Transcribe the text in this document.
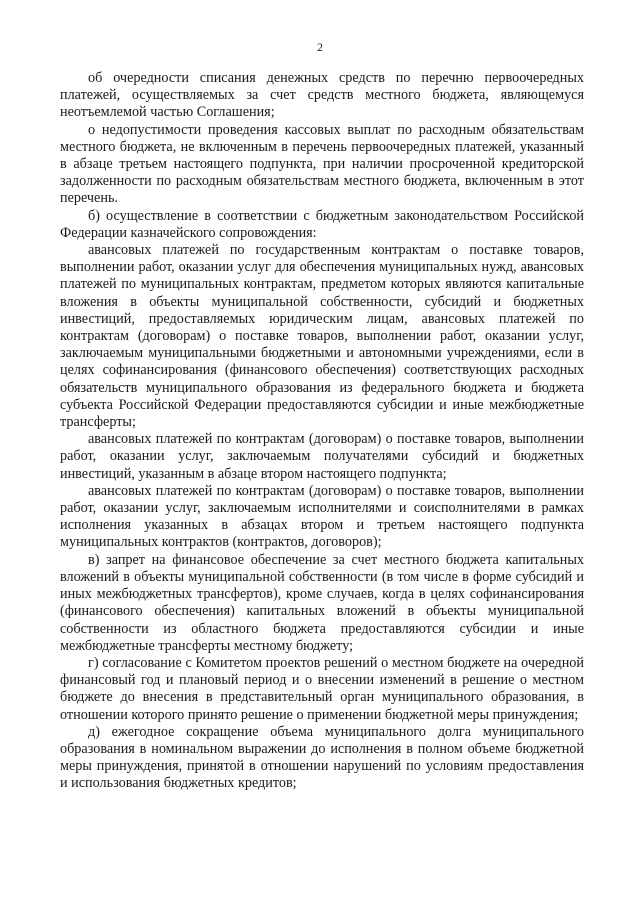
2

об очередности списания денежных средств по перечню первоочередных платежей, осуществляемых за счет средств местного бюджета, являющемуся неотъемлемой частью Соглашения;

о недопустимости проведения кассовых выплат по расходным обязательствам местного бюджета, не включенным в перечень первоочередных платежей, указанный в абзаце третьем настоящего подпункта, при наличии просроченной кредиторской задолженности по расходным обязательствам местного бюджета, включенным в этот перечень.

б) осуществление в соответствии с бюджетным законодательством Российской Федерации казначейского сопровождения:

авансовых платежей по государственным контрактам о поставке товаров, выполнении работ, оказании услуг для обеспечения муниципальных нужд, авансовых платежей по муниципальных контрактам, предметом которых являются капитальные вложения в объекты муниципальной собственности, субсидий и бюджетных инвестиций, предоставляемых юридическим лицам, авансовых платежей по контрактам (договорам) о поставке товаров, выполнении работ, оказании услуг, заключаемым муниципальными бюджетными и автономными учреждениями, если в целях софинансирования (финансового обеспечения) соответствующих расходных обязательств муниципального образования из федерального бюджета и бюджета субъекта Российской Федерации предоставляются субсидии и иные межбюджетные трансферты;

авансовых платежей по контрактам (договорам) о поставке товаров, выполнении работ, оказании услуг, заключаемым получателями субсидий и бюджетных инвестиций, указанным в абзаце втором настоящего подпункта;

авансовых платежей по контрактам (договорам) о поставке товаров, выполнении работ, оказании услуг, заключаемым исполнителями и соисполнителями в рамках исполнения указанных в абзацах втором и третьем настоящего подпункта муниципальных контрактов (контрактов, договоров);

в) запрет на финансовое обеспечение за счет местного бюджета капитальных вложений в объекты муниципальной собственности (в том числе в форме субсидий и иных межбюджетных трансфертов), кроме случаев, когда в целях софинансирования (финансового обеспечения) капитальных вложений в объекты муниципальной собственности из областного бюджета предоставляются субсидии и иные межбюджетные трансферты местному бюджету;

г) согласование с Комитетом проектов решений о местном бюджете на очередной финансовый год и плановый период и о внесении изменений в решение о местном бюджете до внесения в представительный орган муниципального образования, в отношении которого принято решение о применении бюджетной меры принуждения;

д) ежегодное сокращение объема муниципального долга муниципального образования в номинальном выражении до исполнения в полном объеме бюджетной меры принуждения, принятой в отношении нарушений по условиям предоставления и использования бюджетных кредитов;
